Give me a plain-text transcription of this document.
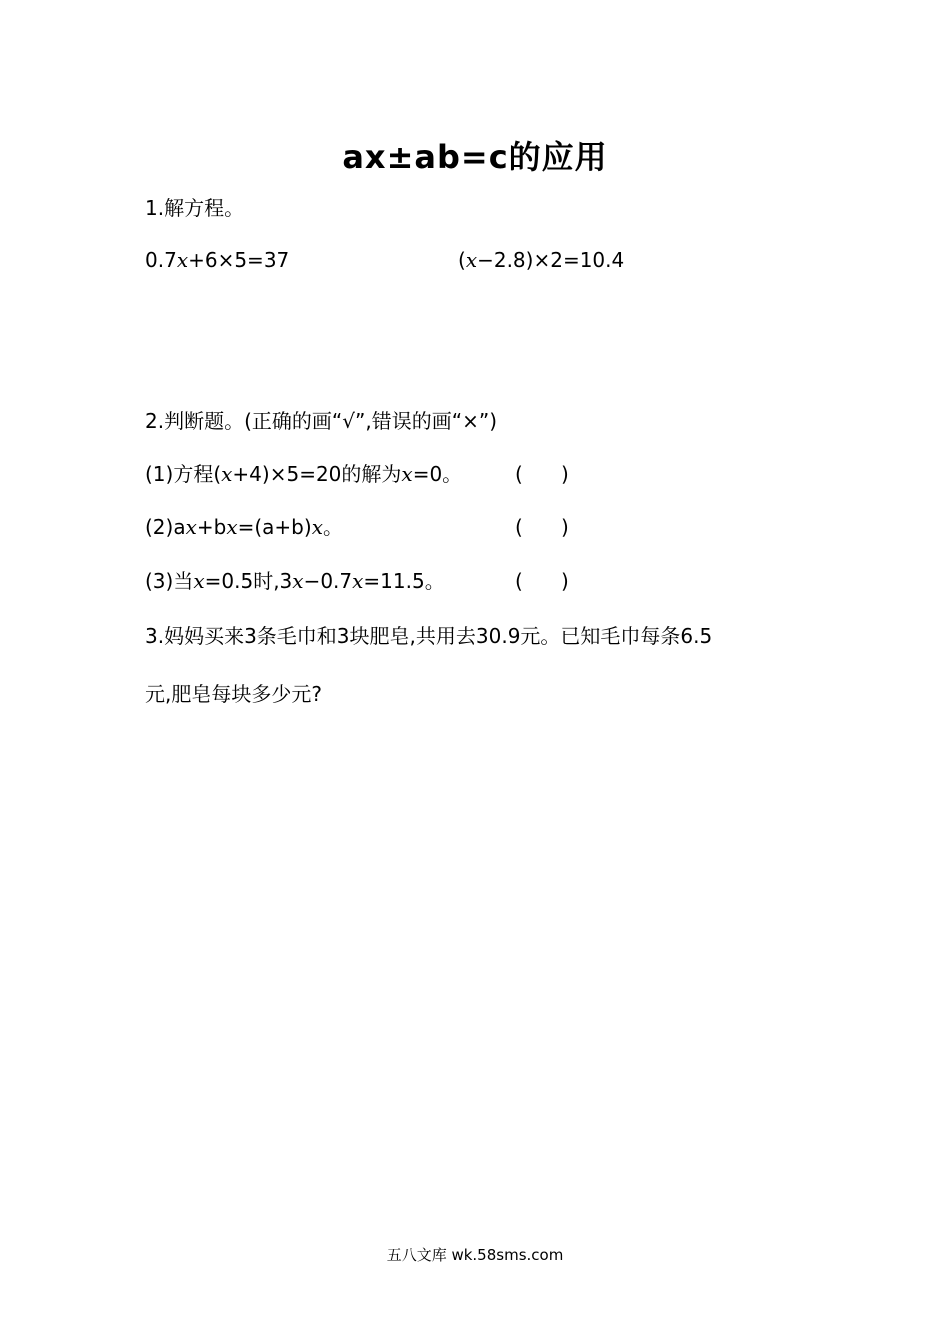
ax±ab=c的应用
1.解方程。
0.7x+6×5=37	(x−2.8)×2=10.4
2.判断题。(正确的画“√”,错误的画“×”)
(1)方程(x+4)×5=20的解为x=0。	(      )
(2)ax+bx=(a+b)x。	(      )
(3)当x=0.5时,3x−0.7x=11.5。	(      )
3.妈妈买来3条毛巾和3块肥皂,共用去30.9元。已知毛巾每条6.5
元,肥皂每块多少元?
五八文库 wk.58sms.com
